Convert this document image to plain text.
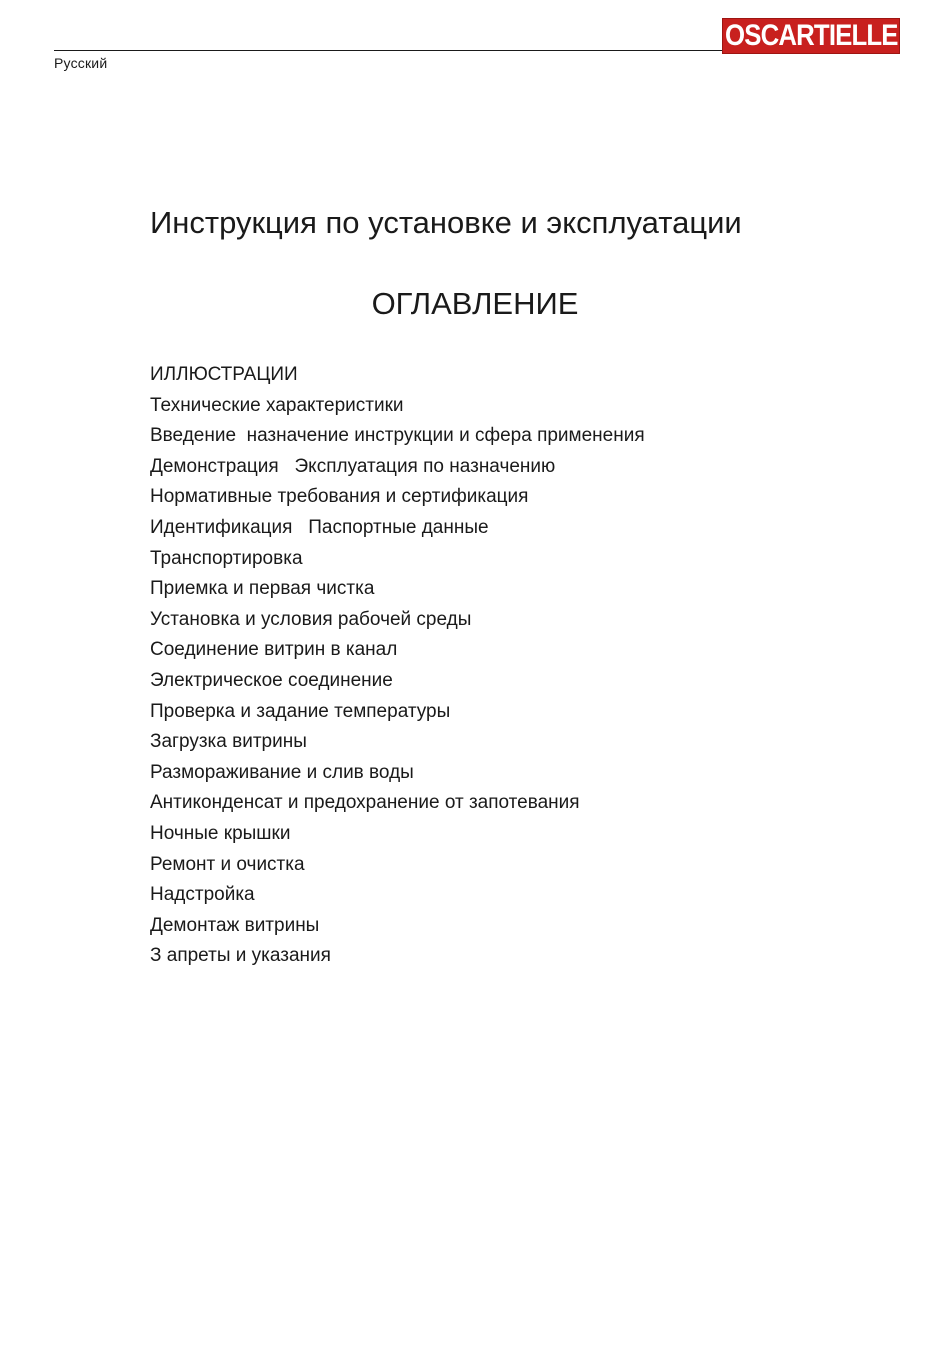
Русский
OSCARTIELLE
Инструкция по установке и эксплуатации
ОГЛАВЛЕНИЕ
ИЛЛЮСТРАЦИИ
Технические характеристики
Введение  назначение инструкции и сфера применения
Демонстрация   Эксплуатация по назначению
Нормативные требования и сертификация
Идентификация   Паспортные данные
Транспортировка
Приемка и первая чистка
Установка и условия рабочей среды
Соединение витрин в канал
Электрическое соединение
Проверка и задание температуры
Загрузка витрины
Размораживание и слив воды
Антиконденсат и предохранение от запотевания
Ночные крышки
Ремонт и очистка
Надстройка
Демонтаж витрины
З апреты и указания
